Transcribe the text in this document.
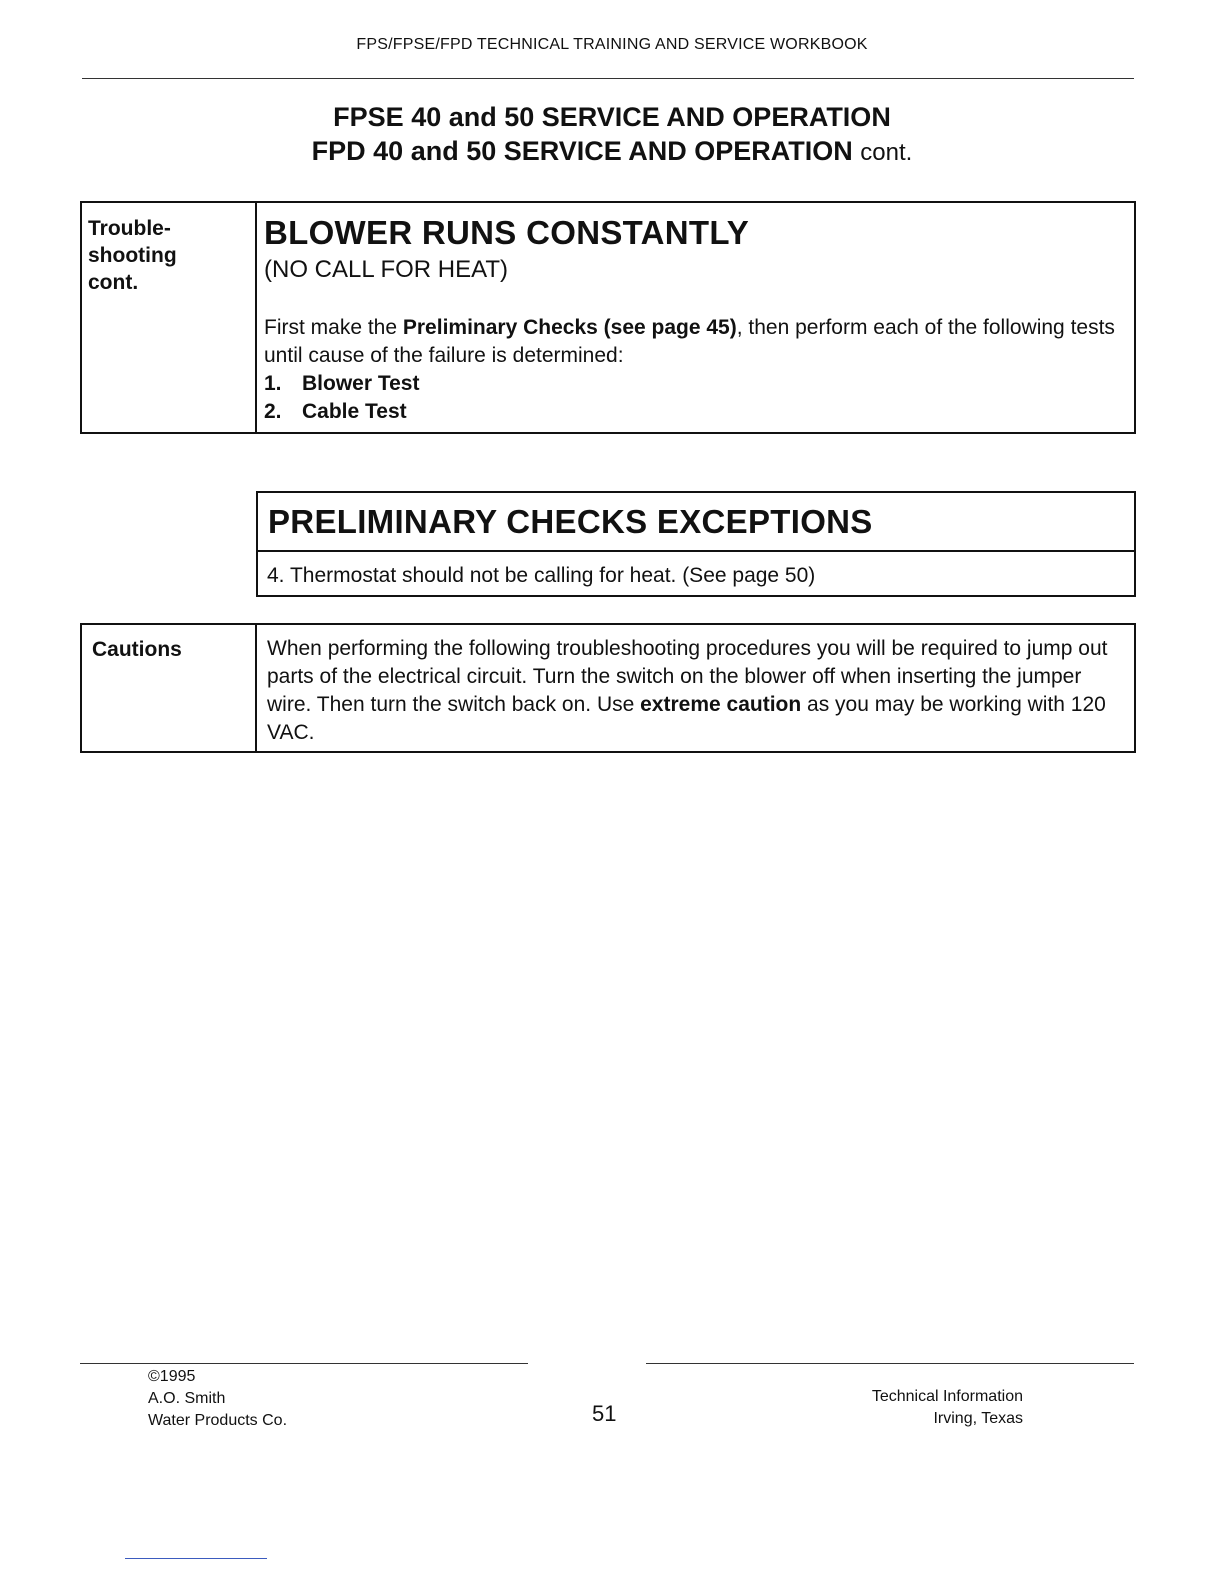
FPS/FPSE/FPD TECHNICAL TRAINING AND SERVICE WORKBOOK
FPSE 40 and 50 SERVICE AND OPERATION
FPD 40 and 50 SERVICE AND OPERATION cont.
Trouble-
shooting
cont.
BLOWER RUNS CONSTANTLY
(NO CALL FOR HEAT)
First make the Preliminary Checks (see page 45), then perform each of the following tests until cause of the failure is determined:
1. Blower Test
2. Cable Test
PRELIMINARY CHECKS EXCEPTIONS
4. Thermostat should not be calling for heat. (See page 50)
Cautions	When performing the following troubleshooting procedures you will be required to jump out parts of the electrical circuit. Turn the switch on the blower off when inserting the jumper wire. Then turn the switch back on. Use extreme caution as you may be working with 120 VAC.
©1995
A.O. Smith
Water Products Co.	51
Technical Information
Irving, Texas
